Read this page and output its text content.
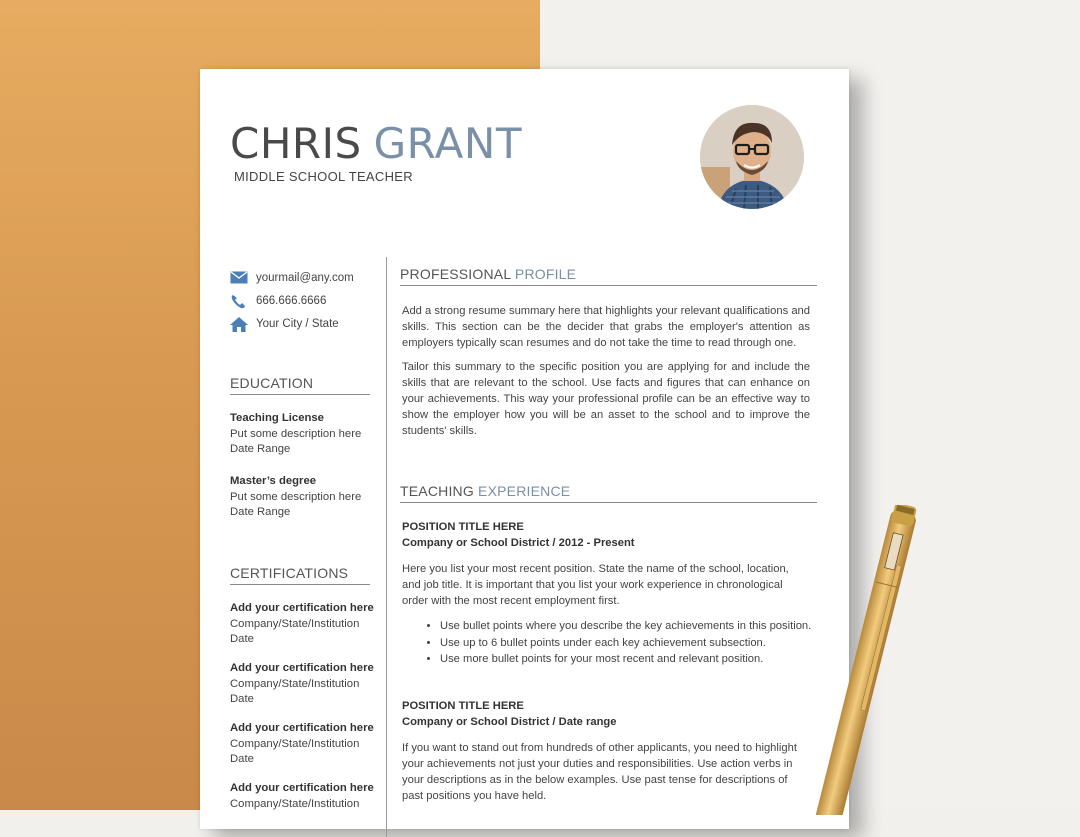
CHRIS GRANT
MIDDLE SCHOOL TEACHER
yourmail@any.com
666.666.6666
Your City / State
EDUCATION
Teaching License
Put some description here
Date Range
Master’s degree
Put some description here
Date Range
CERTIFICATIONS
Add your certification here
Company/State/Institution
Date
Add your certification here
Company/State/Institution
Date
Add your certification here
Company/State/Institution
Date
Add your certification here
Company/State/Institution
PROFESSIONAL PROFILE
Add a strong resume summary here that highlights your relevant qualifications and skills. This section can be the decider that grabs the employer's attention as employers typically scan resumes and do not take the time to read through one.
Tailor this summary to the specific position you are applying for and include the skills that are relevant to the school. Use facts and figures that can enhance on your achievements. This way your professional profile can be an effective way to show the employer how you will be an asset to the school and to improve the students' skills.
TEACHING EXPERIENCE
POSITION TITLE HERE
Company or School District / 2012 - Present
Here you list your most recent position. State the name of the school, location, and job title. It is important that you list your work experience in chronological order with the most recent employment first.
• Use bullet points where you describe the key achievements in this position.
• Use up to 6 bullet points under each key achievement subsection.
• Use more bullet points for your most recent and relevant position.
POSITION TITLE HERE
Company or School District / Date range
If you want to stand out from hundreds of other applicants, you need to highlight your achievements not just your duties and responsibilities. Use action verbs in your descriptions as in the below examples. Use past tense for descriptions of past positions you have held.
